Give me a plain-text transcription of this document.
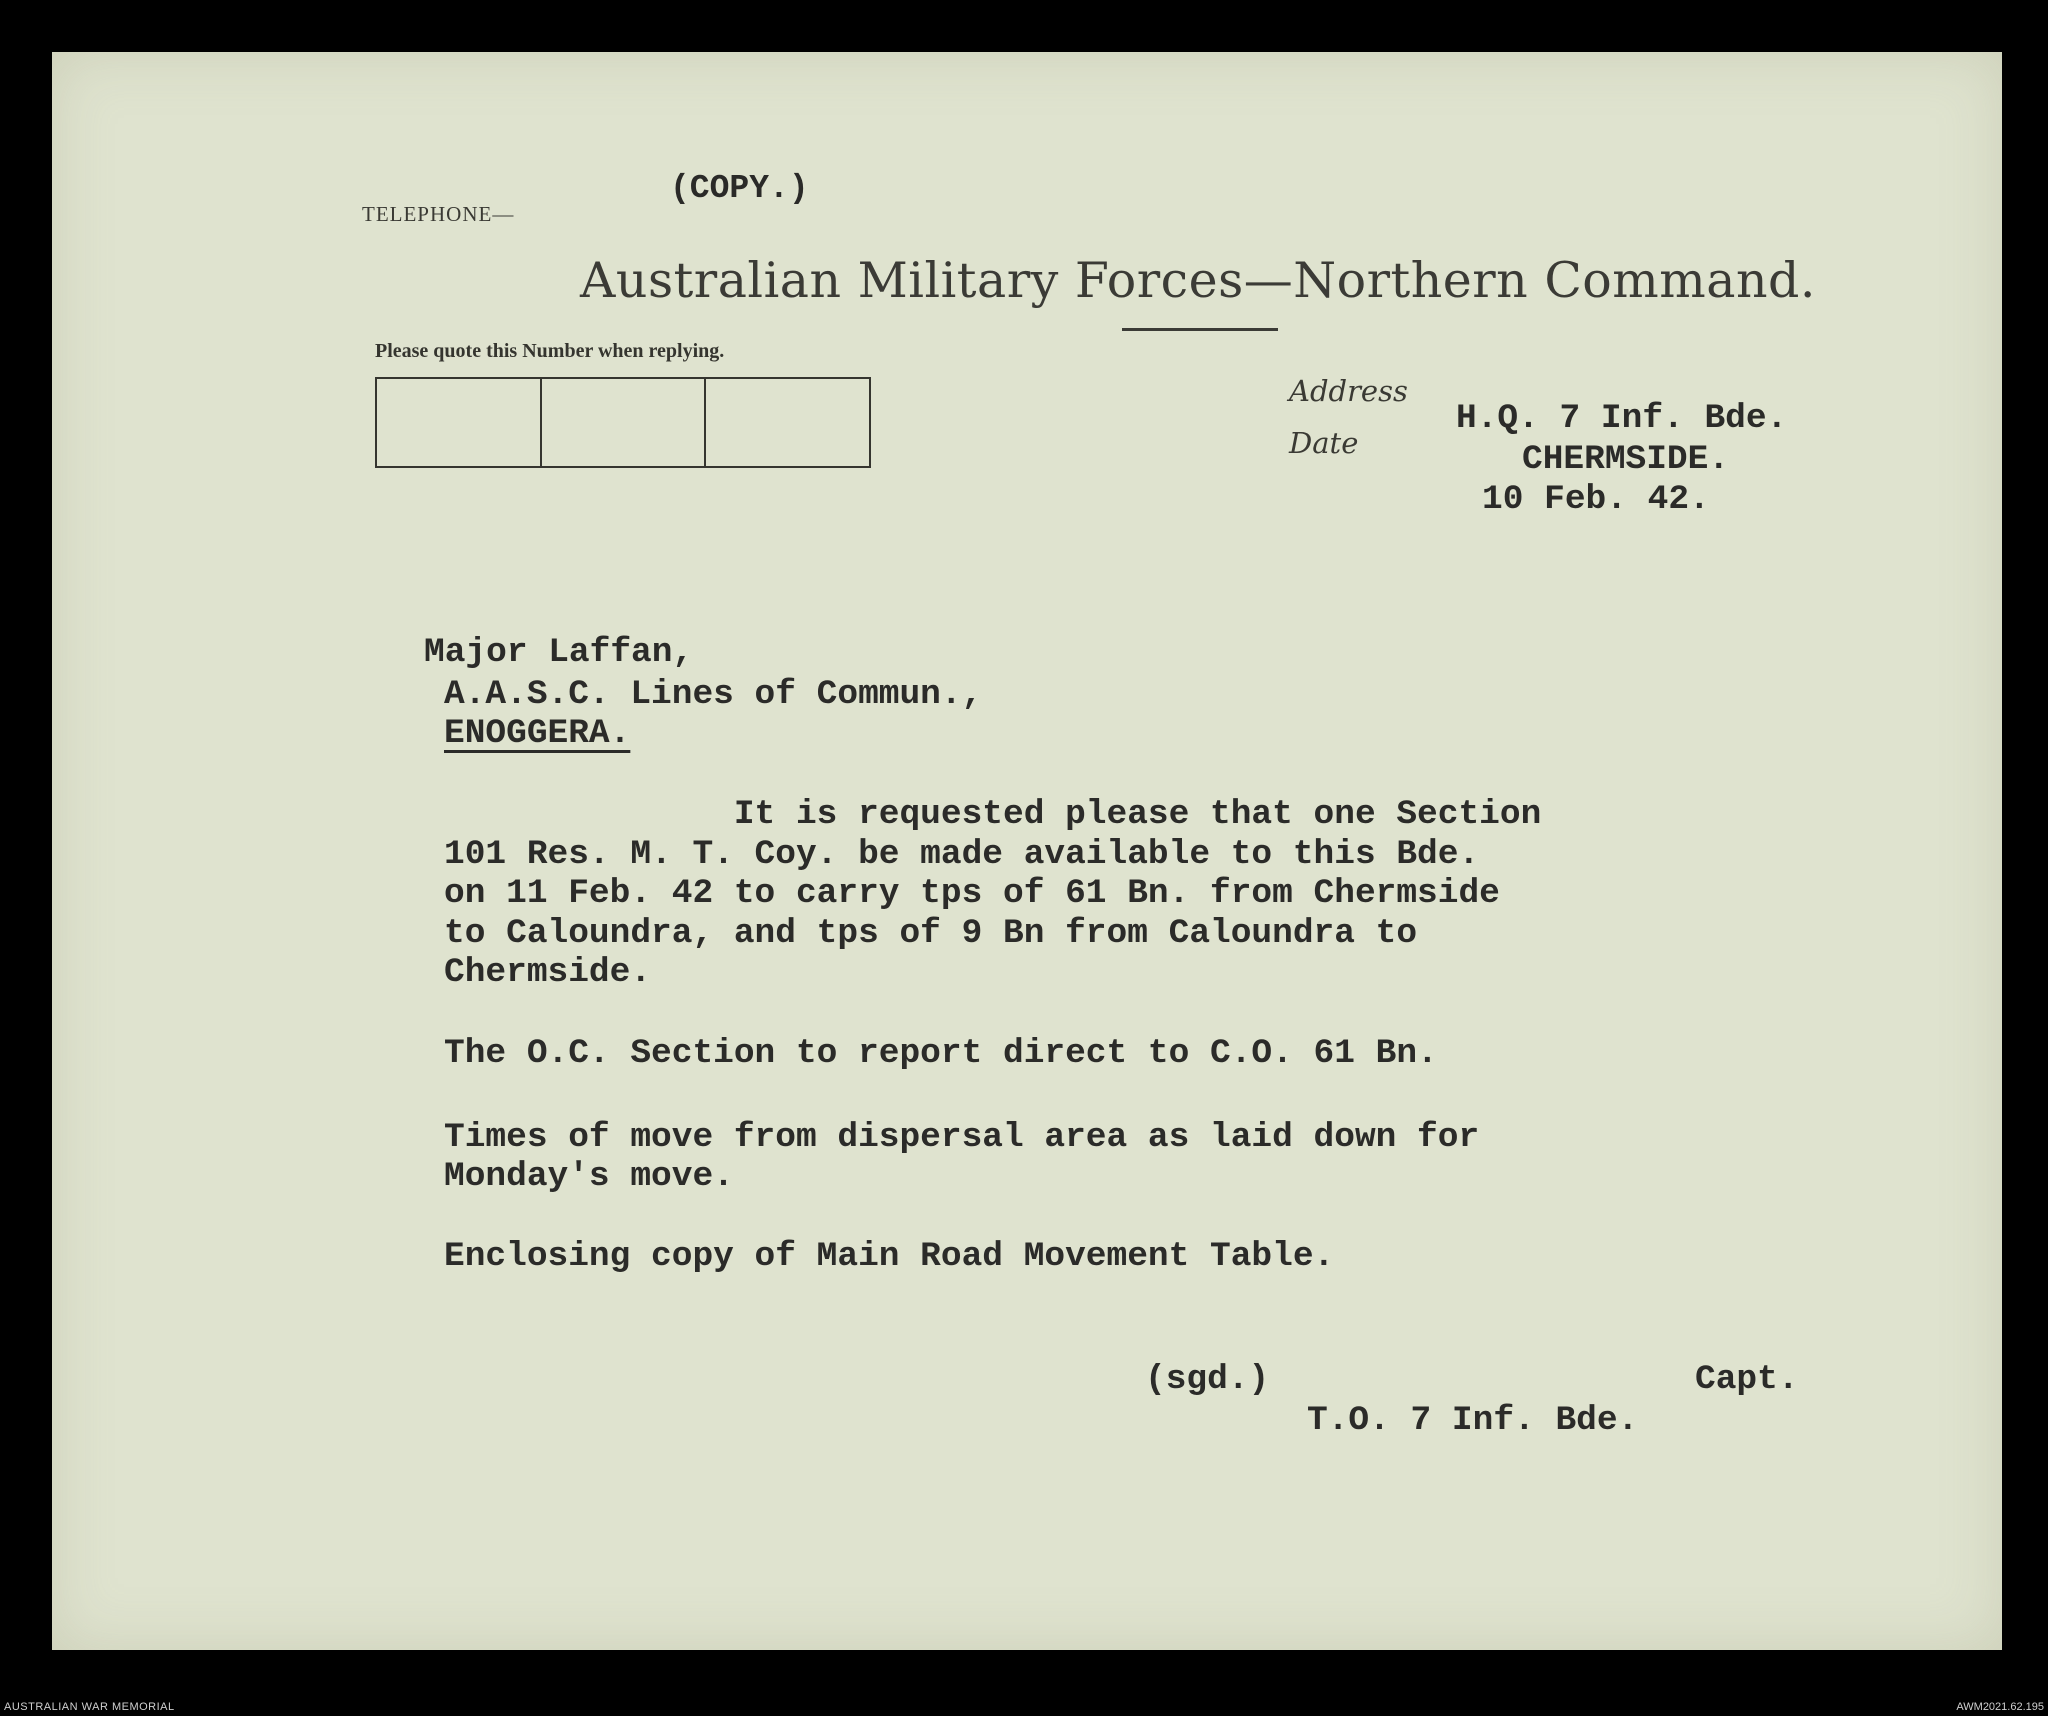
TELEPHONE—
(COPY.)
Australian Military Forces—Northern Command.
Please quote this Number when replying.
Address
Date
H.Q. 7 Inf. Bde.
CHERMSIDE.
10 Feb. 42.
Major Laffan,
A.A.S.C. Lines of Commun.,
ENOGGERA.
It is requested please that one Section
101 Res. M. T. Coy. be made available to this Bde.
on 11 Feb. 42 to carry tps of 61 Bn. from Chermside
to Caloundra, and tps of 9 Bn from Caloundra to
Chermside.
The O.C. Section to report direct to C.O. 61 Bn.
Times of move from dispersal area as laid down for
Monday's move.
Enclosing copy of Main Road Movement Table.
(sgd.)	Capt.
T.O. 7 Inf. Bde.
AUSTRALIAN WAR MEMORIAL	AWM2021.62.195
